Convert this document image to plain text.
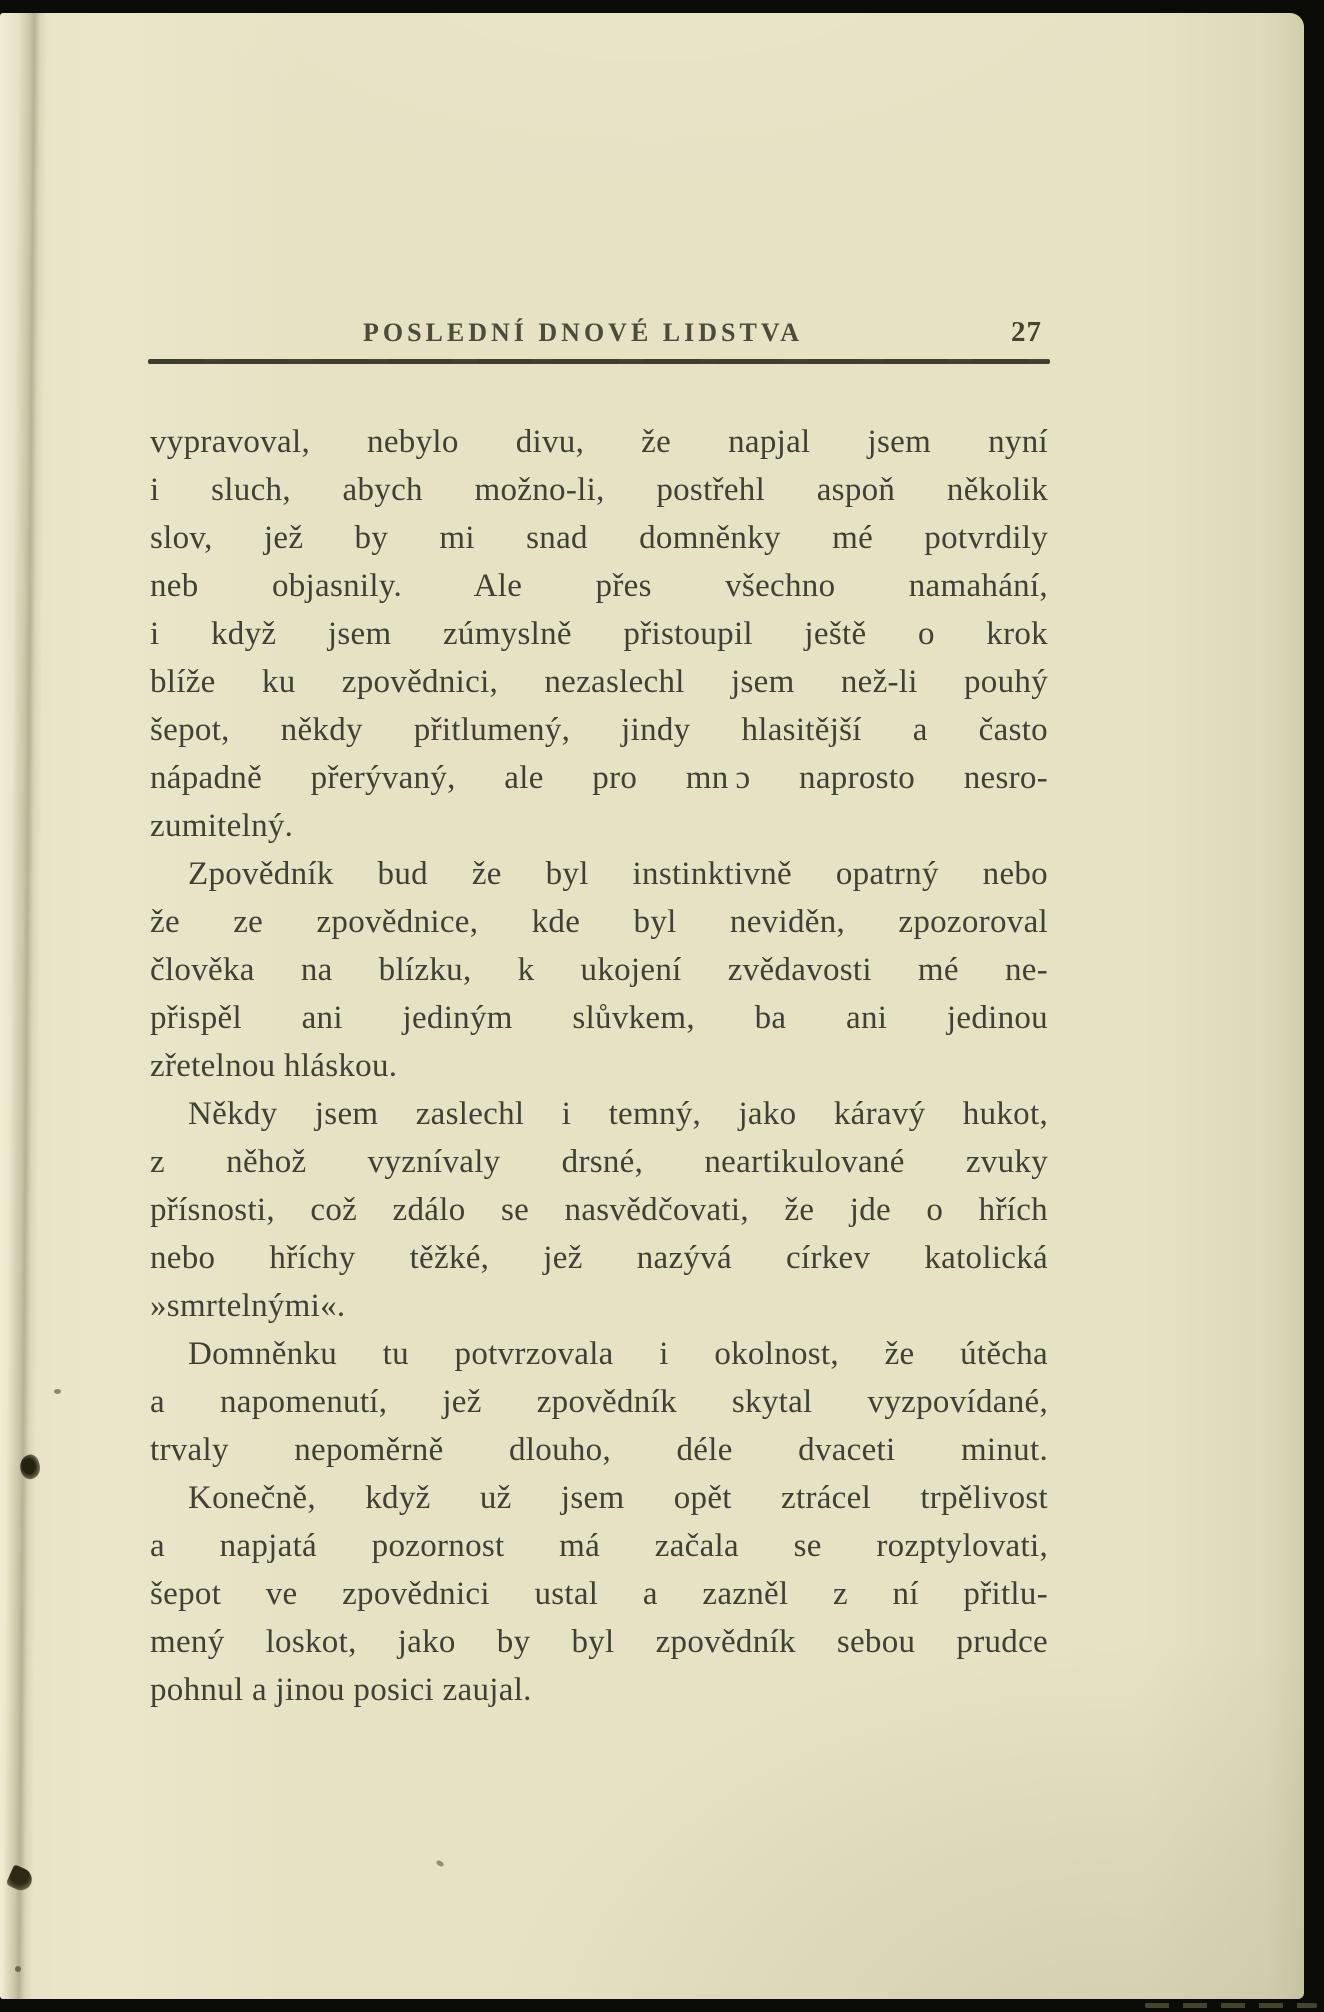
POSLEDNÍ DNOVÉ LIDSTVA	27
vypravoval, nebylo divu, že napjal jsem nyní
i sluch, abych možno-li, postřehl aspoň několik
slov, jež by mi snad domněnky mé potvrdily
neb objasnily. Ale přes všechno namahání,
i když jsem zúmyslně přistoupil ještě o krok
blíže ku zpovědnici, nezaslechl jsem než-li pouhý
šepot, někdy přitlumený, jindy hlasitější a často
nápadně přerývaný, ale pro mn ɔ naprosto nesro-
zumitelný.
Zpovědník bud že byl instinktivně opatrný nebo
že ze zpovědnice, kde byl neviděn, zpozoroval
člověka na blízku, k ukojení zvědavosti mé ne-
přispěl ani jediným slůvkem, ba ani jedinou
zřetelnou hláskou.
Někdy jsem zaslechl i temný, jako káravý hukot,
z něhož vyznívaly drsné, neartikulované zvuky
přísnosti, což zdálo se nasvědčovati, že jde o hřích
nebo hříchy těžké, jež nazývá církev katolická
»smrtelnými«.
Domněnku tu potvrzovala i okolnost, že útěcha
a napomenutí, jež zpovědník skytal vyzpovídané,
trvaly nepoměrně dlouho, déle dvaceti minut.
Konečně, když už jsem opět ztrácel trpělivost
a napjatá pozornost má začala se rozptylovati,
šepot ve zpovědnici ustal a zazněl z ní přitlu-
mený loskot, jako by byl zpovědník sebou prudce
pohnul a jinou posici zaujal.
